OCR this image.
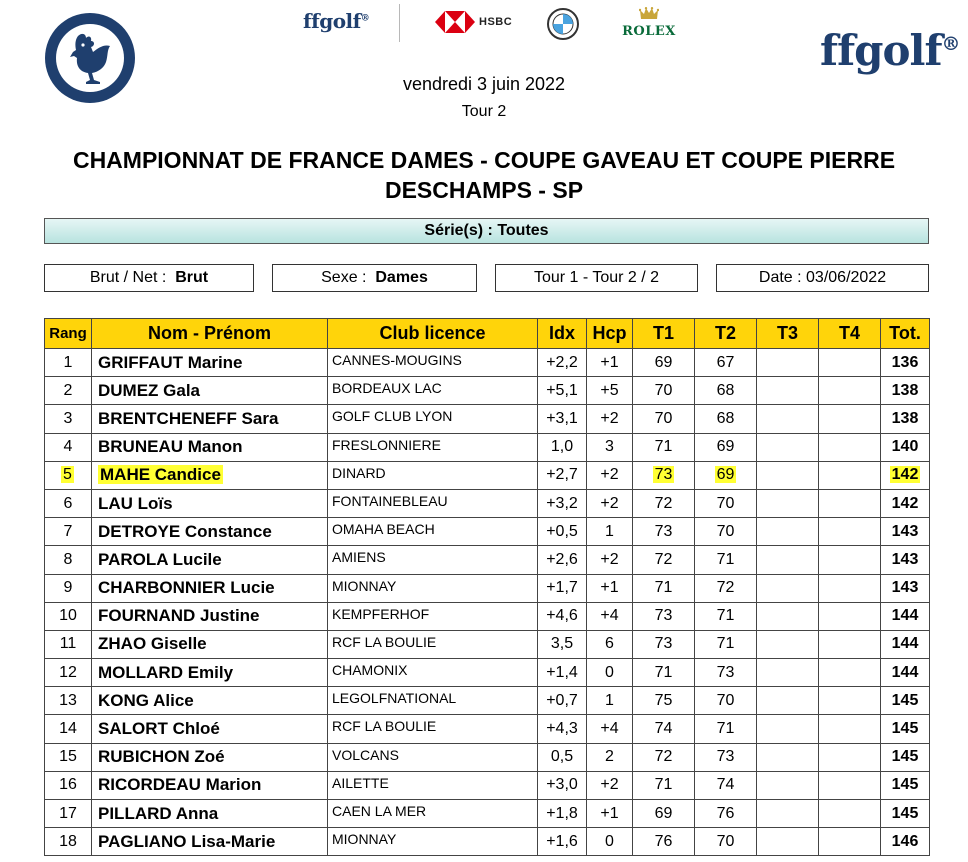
ffgolf®	HSBC
ROLEX	ffgolf®
vendredi 3 juin 2022
Tour 2
CHAMPIONNAT DE FRANCE DAMES - COUPE GAVEAU ET COUPE PIERRE
DESCHAMPS - SP
Série(s) : Toutes
Brut / Net : Brut	Sexe : Dames	Tour 1 - Tour 2 / 2	Date : 03/06/2022
Rang	Nom - Prénom	Club licence	Idx	Hcp	T1	T2	T3	T4	Tot.
1	GRIFFAUT Marine	CANNES-MOUGINS	+2,2	+1	69	67			136
2	DUMEZ Gala	BORDEAUX LAC	+5,1	+5	70	68			138
3	BRENTCHENEFF Sara	GOLF CLUB LYON	+3,1	+2	70	68			138
4	BRUNEAU Manon	FRESLONNIERE	1,0	3	71	69			140
5	MAHE Candice	DINARD	+2,7	+2	73	69			142
6	LAU Loïs	FONTAINEBLEAU	+3,2	+2	72	70			142
7	DETROYE Constance	OMAHA BEACH	+0,5	1	73	70			143
8	PAROLA Lucile	AMIENS	+2,6	+2	72	71			143
9	CHARBONNIER Lucie	MIONNAY	+1,7	+1	71	72			143
10	FOURNAND Justine	KEMPFERHOF	+4,6	+4	73	71			144
11	ZHAO Giselle	RCF LA BOULIE	3,5	6	73	71			144
12	MOLLARD Emily	CHAMONIX	+1,4	0	71	73			144
13	KONG Alice	LEGOLFNATIONAL	+0,7	1	75	70			145
14	SALORT Chloé	RCF LA BOULIE	+4,3	+4	74	71			145
15	RUBICHON Zoé	VOLCANS	0,5	2	72	73			145
16	RICORDEAU Marion	AILETTE	+3,0	+2	71	74			145
17	PILLARD Anna	CAEN LA MER	+1,8	+1	69	76			145
18	PAGLIANO Lisa-Marie	MIONNAY	+1,6	0	76	70			146
